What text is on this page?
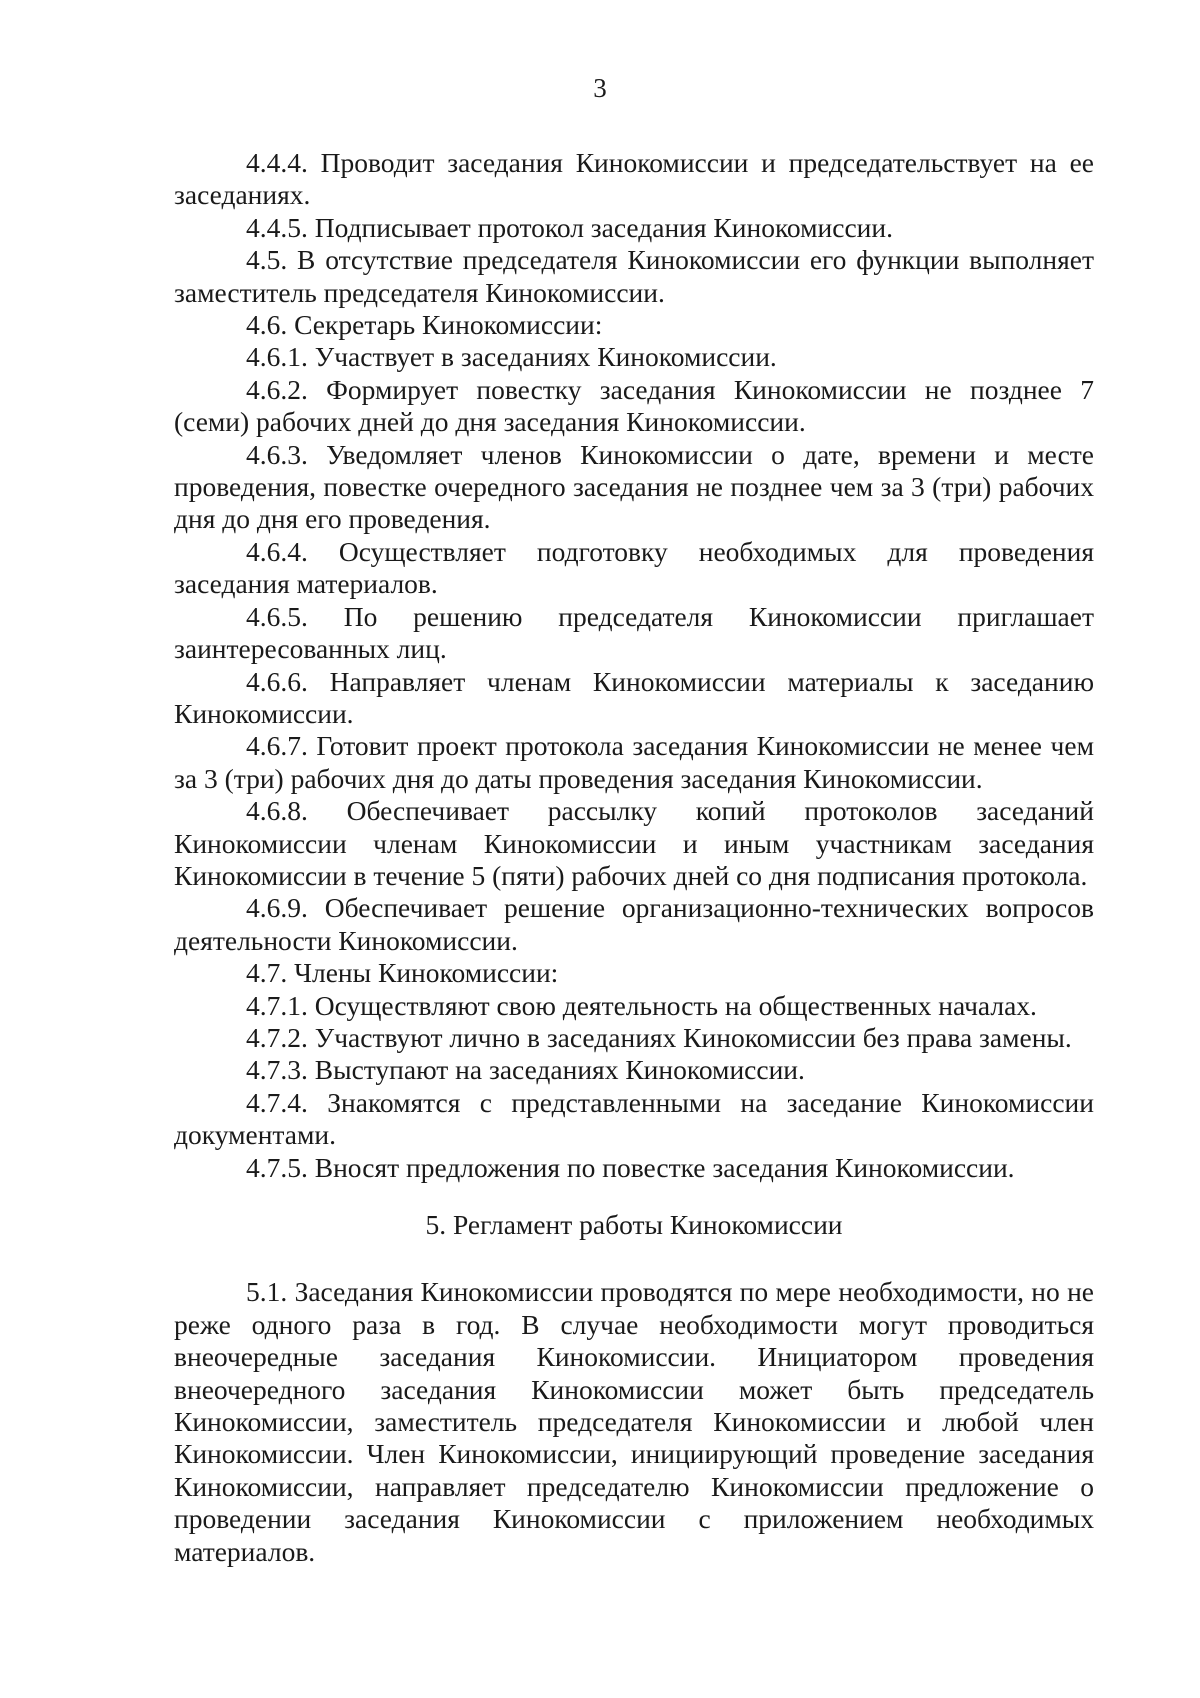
3

4.4.4. Проводит заседания Кинокомиссии и председательствует на ее заседаниях.

4.4.5. Подписывает протокол заседания Кинокомиссии.

4.5. В отсутствие председателя Кинокомиссии его функции выполняет заместитель председателя Кинокомиссии.

4.6. Секретарь Кинокомиссии:

4.6.1. Участвует в заседаниях Кинокомиссии.

4.6.2. Формирует повестку заседания Кинокомиссии не позднее 7 (семи) рабочих дней до дня заседания Кинокомиссии.

4.6.3. Уведомляет членов Кинокомиссии о дате, времени и месте проведения, повестке очередного заседания не позднее чем за 3 (три) рабочих дня до дня его проведения.

4.6.4. Осуществляет подготовку необходимых для проведения заседания материалов.

4.6.5. По решению председателя Кинокомиссии приглашает заинтересованных лиц.

4.6.6. Направляет членам Кинокомиссии материалы к заседанию Кинокомиссии.

4.6.7. Готовит проект протокола заседания Кинокомиссии не менее чем за 3 (три) рабочих дня до даты проведения заседания Кинокомиссии.

4.6.8. Обеспечивает рассылку копий протоколов заседаний Кинокомиссии членам Кинокомиссии и иным участникам заседания Кинокомиссии в течение 5 (пяти) рабочих дней со дня подписания протокола.

4.6.9. Обеспечивает решение организационно-технических вопросов деятельности Кинокомиссии.

4.7. Члены Кинокомиссии:

4.7.1. Осуществляют свою деятельность на общественных началах.

4.7.2. Участвуют лично в заседаниях Кинокомиссии без права замены.

4.7.3. Выступают на заседаниях Кинокомиссии.

4.7.4. Знакомятся с представленными на заседание Кинокомиссии документами.

4.7.5. Вносят предложения по повестке заседания Кинокомиссии.

5. Регламент работы Кинокомиссии

5.1. Заседания Кинокомиссии проводятся по мере необходимости, но не реже одного раза в год. В случае необходимости могут проводиться внеочередные заседания Кинокомиссии. Инициатором проведения внеочередного заседания Кинокомиссии может быть председатель Кинокомиссии, заместитель председателя Кинокомиссии и любой член Кинокомиссии. Член Кинокомиссии, инициирующий проведение заседания Кинокомиссии, направляет председателю Кинокомиссии предложение о проведении заседания Кинокомиссии с приложением необходимых материалов.
